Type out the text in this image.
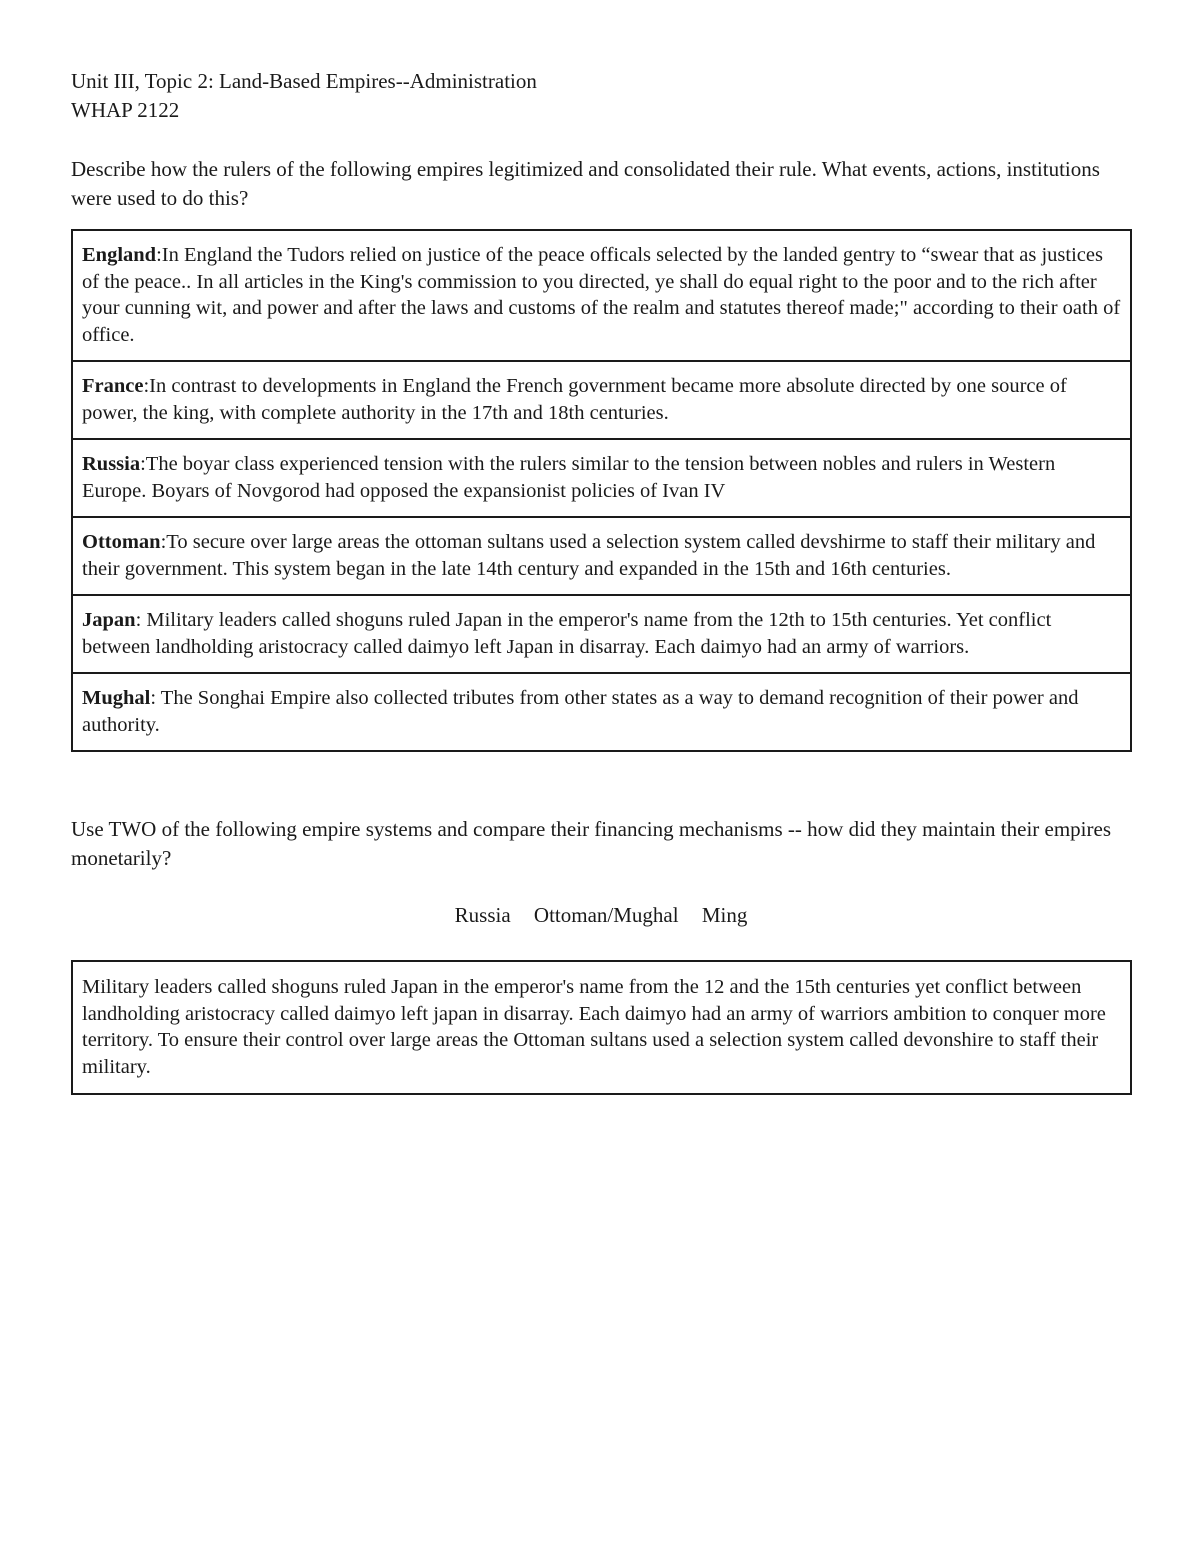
Unit III, Topic 2: Land-Based Empires--Administration

WHAP 2122

Describe how the rulers of the following empires legitimized and consolidated their rule. What events, actions, institutions were used to do this?

England:In England the Tudors relied on justice of the peace officals selected by the landed gentry to “swear that as justices of the peace.. In all articles in the King's commission to you directed, ye shall do equal right to the poor and to the rich after your cunning wit, and power and after the laws and customs of the realm and statutes thereof made;" according to their oath of office.
France:In contrast to developments in England the French government became more absolute directed by one source of power, the king, with complete authority in the 17th and 18th centuries.
Russia:The boyar class experienced tension with the rulers similar to the tension between nobles and rulers in Western Europe. Boyars of Novgorod had opposed the expansionist policies of Ivan IV
Ottoman:To secure over large areas the ottoman sultans used a selection system called devshirme to staff their military and their government. This system began in the late 14th century and expanded in the 15th and 16th centuries.
Japan: Military leaders called shoguns ruled Japan in the emperor's name from the 12th to 15th centuries. Yet conflict between landholding aristocracy called daimyo left Japan in disarray. Each daimyo had an army of warriors.
Mughal: The Songhai Empire also collected tributes from other states as a way to demand recognition of their power and authority.

Use TWO of the following empire systems and compare their financing mechanisms -- how did they maintain their empires monetarily?

Russia Ottoman/Mughal Ming
Military leaders called shoguns ruled Japan in the emperor's name from the 12 and the 15th centuries yet conflict between landholding aristocracy called daimyo left japan in disarray. Each daimyo had an army of warriors ambition to conquer more territory. To ensure their control over large areas the Ottoman sultans used a selection system called devonshire to staff their military.
